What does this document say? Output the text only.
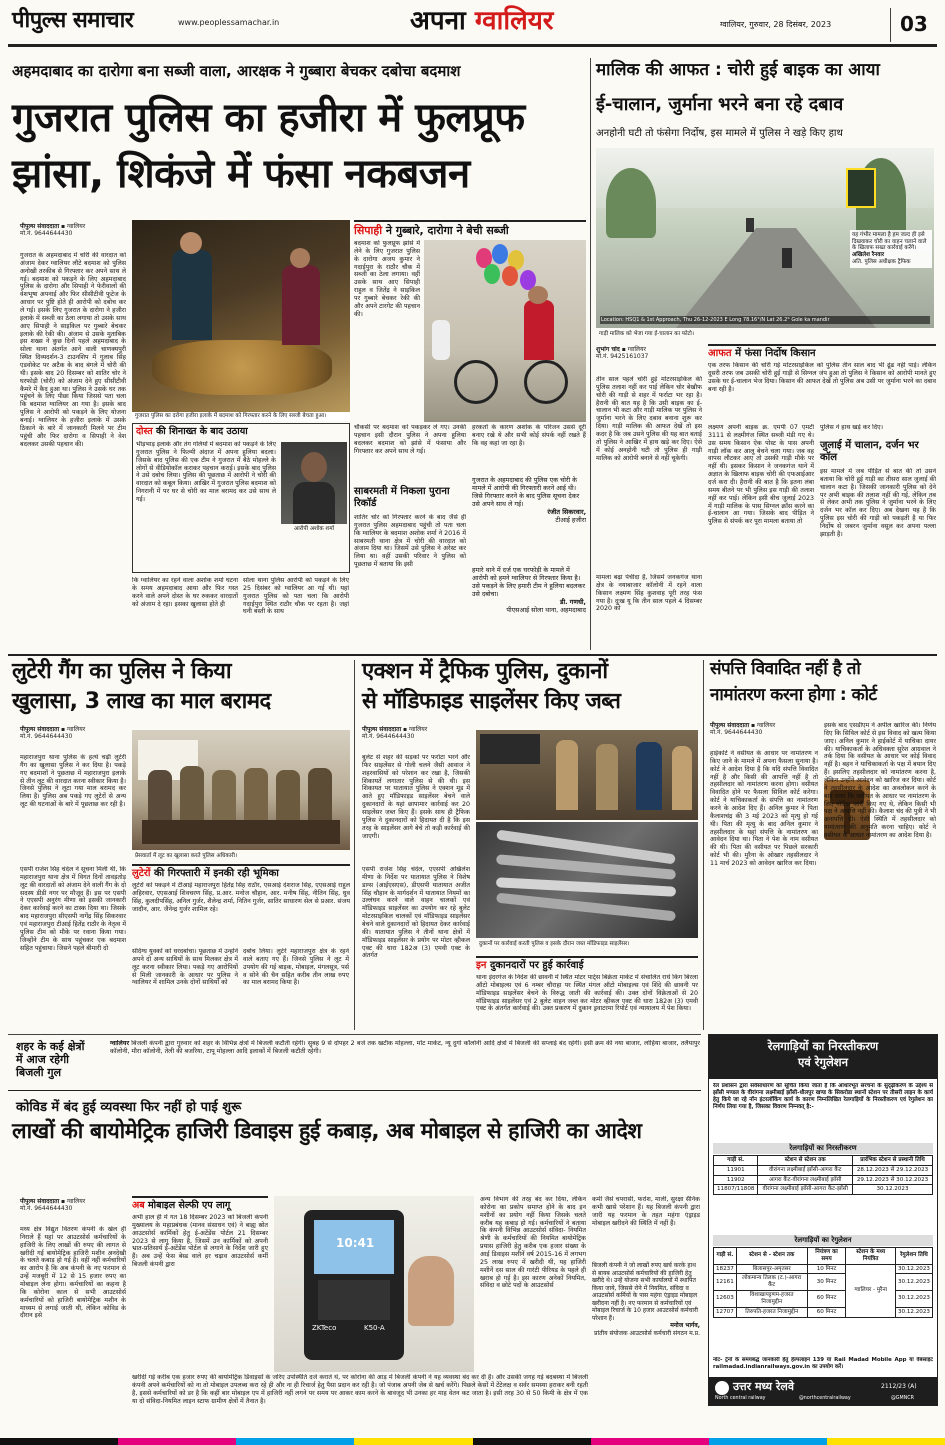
पीपुल्स समाचार	www.peoplessamachar.in	अपना ग्वालियर	ग्वालियर, गुरुवार, 28 दिसंबर, 2023	03
अहमदाबाद का दारोगा बना सब्जी वाला, आरक्षक ने गुब्बारा बेचकर दबोचा बदमाश
गुजरात पुलिस का हजीरा में फुलप्रूफ
झांसा, शिकंजे में फंसा नकबजन
पीपुल्स संवाददाता ▪ ग्वालियर
मो.नं. 9644644430
गुजरात के अहमदाबाद में चोरी की वारदात को अंजाम देकर ग्वालियर लौटे बदमाश को पुलिस अनोखी तरकीब से गिरफ्तार कर अपने साथ ले गई। बदमाश को पकड़ने के लिए अहमदाबाद पुलिस के दारोगा और सिपाही ने फेरीवालों की वेशभूषा अपनाई और फिर सीसीटीवी फुटेज के आधार पर पुष्टि होते ही आरोपी को दबोच कर ले गई। इसके लिए गुजरात के दारोगा ने हजीरा इलाके में सब्जी का ठेला लगाया तो उसके साथ आए सिपाही ने साइकिल पर गुब्बारे बेचकर इलाके की रेकी की। अंजाम से उसके मुताबिक इस शख्स ने कुछ दिनों पहले अहमदाबाद के सोला थाना अंतर्गत आने वाली चाणक्यपुरी स्थित दिव्यदर्शन-3 टाउनशिप में गुलाब सिंह एडवोकेट पर अटैक के बाद बंगले में चोरी की थी। इसके बाद 20 दिसम्बर को शातिर चोर ने घरफोड़ी (चोरी) को अंजाम देने हुए सीसीटीवी कैमरे में कैद हुआ था। पुलिस ने उसके घर तक पहुंचने के लिए पीछा किया जिससे पता चला कि बदमाश ग्वालियर आ गया है। इसके बाद पुलिस ने आरोपी को पकड़ने के लिए योजना बनाई। ग्वालियर के हजीरा इलाके में उसके ठिकाने के बारे में जानकारी मिलने पर टीम पहुंची और फिर दारोगा व सिपाही ने वेश बदलकर उसकी पहचान की।
गुजरात पुलिस का दरोगा हजीरा इलाके में बदमाश को गिरफ्तार करने के लिए सब्जी बेचता हुआ।
सिपाही ने गुब्बारे, दारोगा ने बेची सब्जी
बदमाश को फुलप्रूफ झांसे में लेने के लिए गुजरात पुलिस के दारोगा अजय कुमार ने गदाईपुरा के राठौर चौक में सब्जी का ठेला लगाया। वहीं उसके साथ आए सिपाही राहुल व जितेंद्र ने साइकिल पर गुब्बारे बेचकर रेकी की और अपने टारगेट की पहचान की।
दोस्त की शिनाख्त के बाद उठाया
भीड़भाड़ इलाके और तंग गलियों में बदमाश को पकड़ने के लिए गुजरात पुलिस ने फिल्मी अंदाज में अपना हुलिया बदला। जिसके बाद पुलिस की एक टीम ने गुजरात में बैठे मोहल्ले के लोगों से वीडियोकॉल कराकर पहचान कराई। इसके बाद पुलिस ने उसे दबोच लिया। पुलिस की पूछताछ में आरोपी ने चोरी की वारदात को कबूल किया। आखिर में गुजरात पुलिस बदमाश को निगरानी में पर घर से चोरी का माल बरामद कर उसे साथ ले गई।
आरोपी अशोक शर्मा
चौकसी पर बदमाश को पकड़कर ले गए। उनकी पहचान इसी दौरान पुलिस ने अपना हुलिया बदलकर बदमाश को झांसे में फंसाया और गिरफ्तार कर अपने साथ ले गई।
साबरमती में निकला पुराना रिकॉर्ड
शातिर चोर को गिरफ्तार करने के बाद जैसे ही गुजरात पुलिस अहमदाबाद पहुंची तो पता चला कि ग्वालियर के बदमाश अशोक शर्मा ने 2016 में साबरमती थाना क्षेत्र में चोरी की वारदात को अंजाम दिया था। जिसमें उसे पुलिस ने अरेस्ट कर लिया था। वहीं उसकी परिवार ने पुलिस को पूछताछ में बताया कि इसी
हरकतों के कारण अशोक के परिजन उससे दूरी बनाए रखे थे और सभी कोई संपर्क नहीं रखते हैं कि वह कहां जा रहा है।
गुजरात के अहमदाबाद की पुलिस एक चोरी के मामले में आरोपी की गिरफ्तारी करने आई थी। जिसे गिरफ्तार करने के बाद पुलिस सूचना देकर उसे अपने साथ ले गई।

रंजीत सिकरवार,
टीआई हजीरा
हमारे थाने में दर्ज एक घरफोड़ी के मामले में आरोपी को हमने ग्वालियर से गिरफ्तार किया है। उसे पकड़ने के लिए हमारी टीम ने हुलिया बदलकर उसे दबोचा।

डी. गणधी,
पीएसआई सोला थाना, अहमदाबाद
कि ग्वालियर का रहने वाला अशोक शर्मा घटना के समय अहमदाबाद आया और फिर गस्त करने वाले अपने दोस्त के घर रुककर वारदातों को अंजाम दे रहा। इसका खुलासा होते ही
सोला थाना पुलिस आरोपी को पकड़ने के लिए 25 दिसंबर को ग्वालियर आ गई थी। यहां गुजरात पुलिस को पता चला कि आरोपी गदाईपुरा स्थित राठौर चौक पर रहता है। जहां घनी बस्ती के साथ
मालिक की आफत : चोरी हुई बाइक का आया
ई-चालान, जुर्माना भरने बना रहे दबाव
अनहोनी घटी तो फंसेगा निर्दोष, इस मामले में पुलिस ने खड़े किए हाथ
Location: HSQ1 & 1st Approach, Thu 26-12-2023 E Long 78.16°/N Lat 26.2° Gole ka mandir
यह गंभीर मामला है हम जल्द ही इसे दिखवाकर चोरी का वाहन चलाने वाले के खिलाफ सख्त कार्रवाई करेंगे।
अखिलेश रैनवार
अति. पुलिस अधीक्षक ट्रैफिक
गाड़ी मालिक को भेजा गया ई-चालान का फोटो।
शुभांग चांद ▪ ग्वालियर
मो.नं. 9425161037
तीन साल पहले चोरी हुई मोटरसाइकिल की पुलिस तलाश नहीं कर पाई लेकिन चोर बेखौफ चोरी की गाड़ी से शहर में फर्राटा भर रहा है। हैरानी की बात यह है कि उसी बाइक का ई-चालान भी कटा और गाड़ी मालिक पर पुलिस ने जुर्माना भरने के लिए दबाव बनाना शुरू कर दिया। गाड़ी मालिक की आफत देखें तो इस कदर है कि जब उसने पुलिस की यह बात बताई तो पुलिस ने आखिर में हाथ खड़े कर दिए। ऐसे में कोई अनहोनी घटी तो पुलिस ही गाड़ी मालिक को आरोपी बनाने से नहीं चूकेगी।
मामला बढ़ा पेचीदा है, जिसमें जनकगंज थाना क्षेत्र के नयाबाजार कॉलोनी में रहने वाला किसान लक्ष्मण सिंह कुशवाह पूरी तरह फंस गया है। दुःख यू कि तीन साल पहले 4 दिसम्बर 2020 को
आफत में फंसा निर्दोष किसान
एक तरफ किसान की चोरी गई मोटरसाइकिल को पुलिस तीन साल बाद भी ढूंढ नहीं पाई। लेकिन दूसरी तरफ जब उसकी चोरी हुई गाड़ी से सिग्नल जंप हुआ तो पुलिस ने किसान को आरोपी मानते हुए उसके घर ई-चालान भेज दिया। किसान की आफत देखें तो पुलिस अब उसी पर जुर्माना भरने का दबाव बना रही है।
लक्ष्मण अपनी बाइक क्र. एमपी 07 एमटी 3111 से लक्ष्मीगंज स्थित सब्जी मंडी गए थे। उस समय किसान ऐक पोस्ट के पास अपनी गाड़ी लॉक कर आलू बेचने चला गया। जब वह वापस लौटकर आए तो उसकी गाड़ी मौके पर नहीं थी। इसकर किसान ने जनकगंज थाने में अज्ञात के खिलाफ बाइक चोरी की एफआईआर दर्ज करा दी। हैरानी की बात है कि इतना लंबा समय बीतने पर भी पुलिस इस गाड़ी की तलाश नहीं कर पाई। लेकिन इसी बीच जुलाई 2023 में गाड़ी मालिक के पास सिग्नल क्रॉस करने का ई-चालान आ गया। जिसके बाद पीड़ित ने पुलिस से संपर्क कर पूरा मामला बताया तो
पुलिस ने हाथ खड़े कर दिए।
जुलाई में चालान, दर्जन भर कॉल
इस मामले में जब पीड़ित से बात की तो उसने बताया कि चोरी हुई गाड़ी का तीसरा साल जुलाई की चालान कटा है। जिसकी जानकारी पुलिस को देने पर अभी बाइक की तलाश नहीं की गई, लेकिन तब से लेकर अभी तक पुलिस ने जुर्माना भरने के लिए दर्जन भर कॉल कर दिए। अब देखना यह है कि पुलिस इस चोरी की गाड़ी को पकड़ती है या फिर निर्दोष से जबरन जुर्माना वसूल कर अपना पल्ला झाड़ती है।
लुटेरी गैंग का पुलिस ने किया
खुलासा, 3 लाख का माल बरामद
पीपुल्स संवाददाता ▪ ग्वालियर
मो.नं. 9644644430
महाराजपुरा थाना पुलिस के हत्थे चढ़ी लुटेरी गैंग का खुलासा पुलिस ने कर दिया है। पकड़े गए बदमाशों ने पूछताछ में महाराजपुरा इलाके से तीन लूट की वारदात करना स्वीकार किया है। जिनसे पुलिस ने लूटा गया माल बरामद कर लिया है। पुलिस अब पकड़े गए लुटेरों से अन्य लूट की घटनाओं के बारे में पूछताछ कर रही है।
एसपी राजेश सिंह चंदेल ने सूचना मिली थी, कि महाराजपुरा थाना क्षेत्र में विगत दिनों तावड़तोड़ लूट की वारदातों को अंजाम देने वाली गैंग के दो सदस्य डीडी नगर पर मौजूद हैं। इस पर एसपी ने एएसपी अनुरंग मीणा को इसकी जानकारी देकर कार्रवाई करने का टास्क दिया था। जिसके बाद महाराजपुरा सीएसपी नागेंद्र सिंह सिकरवार एवं महाराजपुरा टीआई हितेंद्र राठौर के नेतृत्व में पुलिस टीम को मौके पर रवाना किया गया। जिन्होंने टीम के साथ पहुंचकर एक बदमाश सहित पहुंचाया। जिसने पहले बीमारी दो
प्रेसवार्ता में लूट का खुलासा करते पुलिस अधिकारी।
लुटेरों की गिरफ्तारी में इनकी रही भूमिका
लुटेरों को पकड़ने में टीआई महाराजपुरा हितेंद्र सिंह राठौर, एसआई देशराज सिंह, एएसआई राहुल अहिरवार, एएसआई शिवचरण सिंह, प्र.आर. मनोज चौहान, आर. मनीष सिंह, नीतिन सिंह, धुव सिंह, कुलदीपसिंह, अनिल गुर्जर, शैलेन्द्र शर्मा, नितिन गुर्जर, सातिर साधारण सेल से प्रआर. संजय जादौन, आर. जैनेन्द्र गुर्जर शामिल रहे।
संदिग्ध युवकों को धरदबोचा। पूछताछ में उन्होंने अपने दो अन्य साथियों के साथ मिलकर क्षेत्र में लूट करना स्वीकार लिया। पकड़े गए आरोपियों से मिली जानकारी के आधार पर पुलिस ने ग्वालियर में शामिल उनके दोनों साथियों को
दबोच लिया। लुटेरे महाराजपुरा क्षेत्र के रहने वाले बताए गए हैं। जिनसे पुलिस ने लूट में उपयोग की गई बाइक, मोबाइल, मंगलसूत्र, पर्स व सोने की चैन सहित करीब तीन लाख रुपए का माल बरामद किया है।
एक्शन में ट्रैफिक पुलिस, दुकानों
से मॉडिफाइड साइलेंसर किए जब्त
पीपुल्स संवाददाता ▪ ग्वालियर
मो.नं. 9644644430
बुलेट से शहर की सड़कों पर फर्राटा भरने और फिर साइलेंसर से गोली चलने जैसी आवाज ने शहरवासियों को परेशान कर रखा है, जिसकी शिकायतें लगातार पुलिस से की थी। इस शिकायत पर यातायात पुलिस ने एक्शन मूड में आते हुए मॉडिफाइड साइलेंसर बेचने वाले दुकानदारों के यहां छापामार कार्रवाई कर 20 साइलेंसर जब्त किए हैं। इसके साथ ही ट्रैफिक पुलिस ने दुकानदारों को हिदायत दी है कि इस तरह के साइलेंसर आगे बेचे तो कड़ी कार्रवाई की जाएगी।
एसपी राजेश सिंह चंदेल, एएसपी अखिलेश मीणा के निर्देश पर यातायात पुलिस ने विशेष डाग्स (आईएसएस), डीएसपी यातायात अजीत सिंह चौहान के मार्गदर्शन में यातायात नियमों का उल्लंघन करने वाले वाहन चालकों एवं मॉडिफाइड साइलेंसर का उपयोग कर रहे बुलेट मोटरसाइकिल चालकों एवं मॉडिफाइड साइलेंसर बेचने वाले दुकानदारों को हिदायत देकर कार्रवाई की। यातायात पुलिस ने तीनों थाना क्षेत्रों में मॉडिफाइड साइलेंसर के प्रयोग पर मोटर व्हीकल एक्ट की धारा 182अ (3) एमवी एक्ट के अंतर्गत
दुकानों पर कार्रवाई करती पुलिस व इसके दौरान जब्त मॉडिफाइड साइलेंसर।
इन दुकानदारों पर हुई कार्रवाई
थाना इंदरगंज के निर्देश की छावनी में स्थित मोटर पार्ट्स बिक्रेता मार्केट में संचालित राधे किंग बिरला ऑटो मोबाइल्स एवं 6 नम्बर चौराहा पर स्थित मंगल ऑटो मोबाइल्स एवं शिंदे की छावनी पर मॉडिफाइड साइलेंसर बेचने के विरुद्ध जाती की कार्रवाई की। उक्त दोनों विक्रेताओं से 20 मॉडिफाइड साइलेंसर एवं 2 बुलेट वाहन जब्त कर मोटर व्हीकल एक्ट की धारा 182अ (3) एमवी एक्ट के अंतर्गत कार्रवाई की। उक्त प्रकरण में दुकान ड्रवाटरमा रिपोर्ट एवं न्यायालय में पेश किया।
संपत्ति विवादित नहीं है तो
नामांतरण करना होगा : कोर्ट
पीपुल्स संवाददाता ▪ ग्वालियर
मो.नं. 9644644430
हाईकोर्ट ने वसीयत के आधार पर नामांतरण न किए जाने के मामले में अपना फैसला सुनाया है। कोर्ट ने आदेश दिया है कि यदि संपत्ति विवादित नहीं है और किसी की आपत्ति नहीं है तो तहसीलदार को नामांतरण करना होगा। वसीयत विवादित होने पर फैसला सिविल कोर्ट करेगा। कोर्ट ने याचिकाकर्ता के संपत्ति का नामांतरण करने के आदेश दिए हैं। अनिल कुमार ने पिता कैलाशचंद्र की 3 मई 2023 को मृत्यु हो गई थी। पिता की मृत्यु के बाद अनिल कुमार ने तहसीलदार के यहां संपत्ति के नामांतरण का आवेदन दिया था। पिता ने पेश के नाम वसीयत की थी। पिता की वसीयत पर पिछले सरकारी कोर्ट भी की। मुरैना के ओखार तहसीलदार ने 11 मार्च 2023 को आवेदन खारिज कर दिया।
इसके बाद एसडीएम ने अपील खारिज की। निर्णय दिए कि सिविल कोर्ट से इस विवाद को खत्म किया जाए। अनिल कुमार ने हाईकोर्ट में याचिका दायर की। याचिकाकर्ता के अधिवक्ता सुरेश आग्रवाल ने तर्क दिया कि वसीयत के आधार पर कोई विवाद नहीं है। बहन ने याचिकाकर्ता के पक्ष में बयान दिए हैं। इसलिए तहसीलदार को नामांतरण करना है, लेकिन उन्होंने आवेदन को खारिज कर दिया। कोर्ट ने तहसीलदार के आदेश का अवलोकन करने के बाद पाया कि वसीयत के आधार पर नामांतरण के लिए नोटिस जारी किए गए थे, लेकिन किसी भी पक्ष ने आपत्ति नहीं की। कैलाश चंद की पुत्री ने भी अनापत्ति दी। ऐसी स्थिति में तहसीलदार को नामांतरण की अनुमति करना चाहिए। कोर्ट ने वसीयत के आधार नामांतरण का आदेश दिया है।
शहर के कई क्षेत्रों
में आज रहेगी
बिजली गुल
ग्वालियर बिजली कंपनी द्वारा गुरुवार को शहर के विभिन्न क्षेत्रों में बिजली कटौती रहेगी। सुबह 9 से दोपहर 2 बजे तक खटीक मोहल्ला, मोंट मार्केट, न्यू दुर्गा कॉलोनी आदि क्षेत्रों में बिजली की सप्लाई बंद रहेगी। इसी क्रम की नया बाजार, लोहिया बाजार, तलैयापुर कॉलोनी, मौरा कॉलोनी, तेली की बजरिया, टापू मोहल्ला आदि इलाकों में बिजली कटौती रहेगी।	रेलगाड़ियों का निरस्तीकरण
एवं रेगुलेशन
रेल प्रशासन द्वारा सर्वसाधारण को सूचित किया जाता है कि आधारभूत संरचना के सुदृढ़ीकरण के उद्देश्य से झाँसी मण्डल के वीरांगना लक्ष्मीबाई झाँसी-धौलपुर खण्ड के सिकरोडा स्थानों स्टेशन पर तीसरी लाइन के कार्य हेतु किये जा रहे नॉन इंटरलॉकिंग कार्य के कारण निम्नलिखित रेलगाड़ियों के निरस्तीकरण एवं रेगुलेशन का निर्णय लिया गया है, जिसका विवरण निम्नवत् है:-
रेलगाड़ियों का निरस्तीकरण
गाड़ी सं.	स्टेशन से स्टेशन तक	प्रारंभिक स्टेशन से प्रस्थानी तिथि
11901	वीरांगना लक्ष्मीबाई झाँसी-आगरा कैंट	28.12.2023 से 29.12.2023
11902	आगरा कैंट-वीरांगना लक्ष्मीबाई झाँसी	29.12.2023 से 30.12.2023
11807/11808	वीरांगना लक्ष्मीबाई झाँसी-आगरा कैंट-झाँसी	30.12.2023
रेलगाड़ियों का रेगुलेशन
गाड़ी सं.	स्टेशन से - स्टेशन तक	नियंत्रण का समय	स्टेशन के मध्य नियंत्रित	रेगुलेशन तिथि
18237	बिलासपुर-अमृतसर	10 मिनट	ग्वालियर - मुरैना	30.12.2023
12161	लोकमान्य तिलक (ट.)-आगरा कैंट	30 मिनट		30.12.2023
12603	विशाखापट्टणम-हजरत निजामुद्दीन	60 मिनट		30.12.2023
12707	तिरुपति-हजरत निजामुद्दीन	60 मिनट		30.12.2023
नोट- ट्रेनों के समयबद्ध जानकारी हेतु हेल्पलाइन 139 या Rail Madad Mobile App या वेबसाइट railmadad.indianrailways.gov.in का उपयोग करें।
उत्तर मध्य रेलवे	2112/23 (A)
North central railway	@northcentralrailway	@GMNCR
कोविड में बंद हुई व्यवस्था फिर नहीं हो पाई शुरू
लाखों की बायोमेट्रिक हाजिरी डिवाइस हुई कबाड़, अब मोबाइल से हाजिरी का आदेश
पीपुल्स संवाददाता ▪ ग्वालियर
मो.नं. 9644644430
मध्य क्षेत्र विद्युत वितरण कंपनी के खेल ही निराले हैं यहां पर आउटसोर्स कर्मचारियों के हाजिरी के लिए लाखों की रुपए की लागत से खरीदी गई बायोमेट्रिक हाजिरी मशीन अनदेखी के चलते कबाड़ हो गई है। वहीं नहीं कर्मचारियों का आरोप है कि अब कंपनी के नए फरमान से उन्हें मजबूरी में 12 से 15 हजार रुपए का मोबाइल लेना होगा। कर्मचारियों का कहना है कि कोरोना काल से सभी आउटसोर्स कर्मचारियों को हाजिरी बायोमेट्रिक मशीन के माध्यम से लगाई जाती थी, लेकिन कोविड के दौरान इसे
अब मोबाइल सेल्फी एप लागू
अभी हाल ही में गत 18 दिसम्बर 2023 को बिजली कंपनी मुख्यालय के महाप्रबंधक (मानव संसाधन एवं) ने बाह्य स्रोत आउटसोर्स कार्मिकों हेतु ई-अटेंडेंस पोर्टल 21 दिसम्बर 2023 से लागू किया है, जिसमें उन कार्मिकों को अपनी भ्रात-प्रतिसार्य ई-अटेंडेंस पोर्टल से लगाने के निर्देश जारी हुए हैं। अब उन्हें फेस बेस्ड वाले हर चढ़ाव आउटसोर्स कर्मी बिजली कंपनी द्वारा
10:41
ZKTeco	K50-A
अन्य विभाग की तरह बंद कर दिया, लेकिन कोरोना का प्रकोप समाप्त होने के बाद इन मशीनों का प्रयोग नहीं किया जिसके चलते करीब यह कबाड़ हो गई। कर्मचारियों ने बताया कि कंपनी विभिन्न आउटसोर्स संविदा- नियमित श्रेणी के कर्मचारियों की नियमित बायोमेट्रिक प्रयास हाजिरी हेतु करीब एक हजार संख्या के आई डिवाइस मशीनें वर्ष 2015-16 में लगभग 25 लाख रुपए में खरीदी थी, यह हाजिरी मशीनें दस साल की गारंटी पीरियड के पहले ही खराब हो गई है। इस कारण अनेकों नियमित, संविदा व छोटे पदों के आउटसोर्स
कर्मी जैसे चपरासी, फर्राश, माली, सुरक्षा सैनिक कभी खासे परेशान हैं। यह बिजली कंपनी द्वारा जारी यह फरमान के तहत महंगा एंड्राइड मोबाइल खरीदने की स्थिति में नहीं हैं।
बिजली कंपनी ने जो लाखों रुपए खर्च करके हाथ से बायब आउटसोर्स कर्मचारियों की हाजिरी हेतु खरीदे थे। उन्हें योजना सभी कार्यालयों में स्थापित किया जाये, जिससे रोने में नियमित, संविदा व आउटसोर्स कर्मियों के पास महंगा एंड्राइड मोबाइल खरीदना नहीं है। नए फरमान से कर्मचारियों एवं मोबाइल रिचार्ज के 10 हजार आउटसोर्स कर्मचारी परेशान हैं।

मनोज भार्गव,
प्रांतीय संयोजक आउटसोर्स कर्मचारी संगठन म.प्र.
खरीदी गई करीब एक हजार रुपए की बायोमेट्रिक डिवाइसों के जरिए उपस्थिति दर्ज कराते थे, पर कोरोना की आड़ में बिजली कंपनी ने यह व्यवस्था बंद कर दी है। और उसकी जगह गई बदबस्था में बिजली कंपनी अपने कर्मचारियों को ना तो मोबाइल उपलब्ध करा रहे ही और ना ही रिचार्ज हेतु पैसा प्रदान कर रही है। जो पंजाब अपनी जेब से खर्च करेंगे। पिछले केसों में टेंटेलक्ष व सर्वर समस्या हराकर बनी रहती है, इससे कर्मचारियों को डर है कि कहीं बार मोबाइल एप में हाजिरी नहीं लगने पर समय पर आकर काम करने के बावजूद भी उनका हर माह वेतन कट जाता है। इसी तरह 30 से 50 किमी के क्षेत्र में एक या दो संविदा-नियमित लाइन स्टाफ ग्रामीण क्षेत्रों में तैनात है।
